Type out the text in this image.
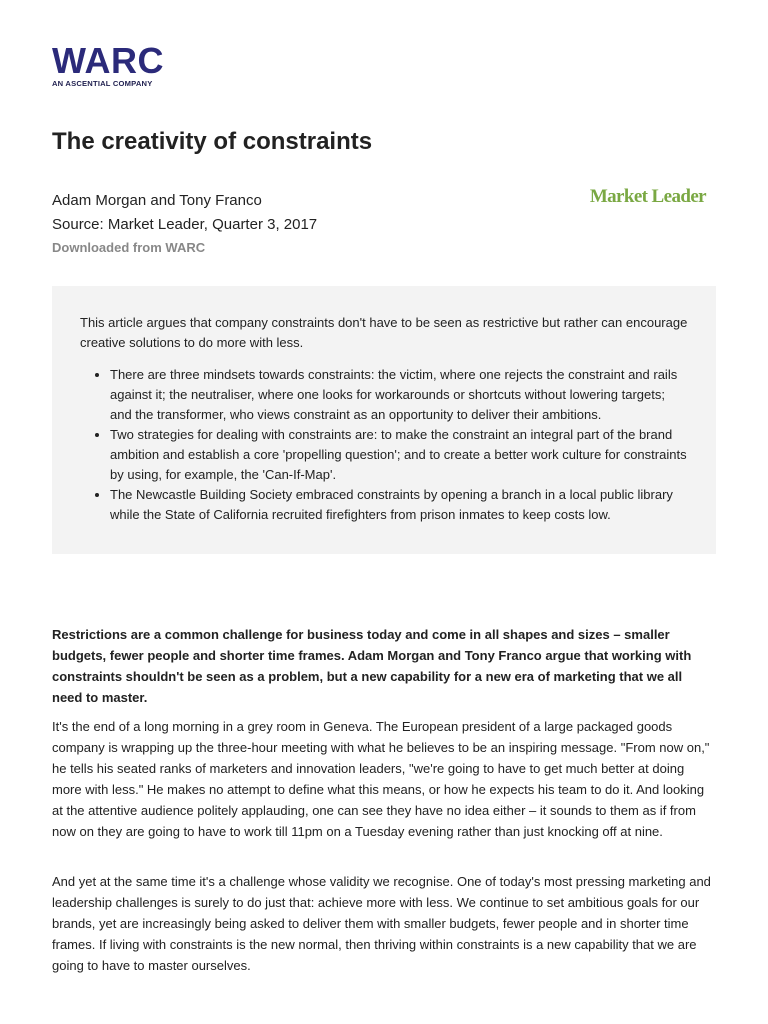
WARC
AN ASCENTIAL COMPANY
The creativity of constraints
Adam Morgan and Tony Franco
Source: Market Leader, Quarter 3, 2017
Downloaded from WARC
Market Leader

This article argues that company constraints don't have to be seen as restrictive but rather can encourage creative solutions to do more with less.

• There are three mindsets towards constraints: the victim, where one rejects the constraint and rails against it; the neutraliser, where one looks for workarounds or shortcuts without lowering targets; and the transformer, who views constraint as an opportunity to deliver their ambitions.
• Two strategies for dealing with constraints are: to make the constraint an integral part of the brand ambition and establish a core 'propelling question'; and to create a better work culture for constraints by using, for example, the 'Can-If-Map'.
• The Newcastle Building Society embraced constraints by opening a branch in a local public library while the State of California recruited firefighters from prison inmates to keep costs low.

Restrictions are a common challenge for business today and come in all shapes and sizes – smaller budgets, fewer people and shorter time frames. Adam Morgan and Tony Franco argue that working with constraints shouldn't be seen as a problem, but a new capability for a new era of marketing that we all need to master.

It's the end of a long morning in a grey room in Geneva. The European president of a large packaged goods company is wrapping up the three-hour meeting with what he believes to be an inspiring message. "From now on," he tells his seated ranks of marketers and innovation leaders, "we're going to have to get much better at doing more with less." He makes no attempt to define what this means, or how he expects his team to do it. And looking at the attentive audience politely applauding, one can see they have no idea either – it sounds to them as if from now on they are going to have to work till 11pm on a Tuesday evening rather than just knocking off at nine.

And yet at the same time it's a challenge whose validity we recognise. One of today's most pressing marketing and leadership challenges is surely to do just that: achieve more with less. We continue to set ambitious goals for our brands, yet are increasingly being asked to deliver them with smaller budgets, fewer people and in shorter time frames. If living with constraints is the new normal, then thriving within constraints is a new capability that we are going to have to master ourselves.
